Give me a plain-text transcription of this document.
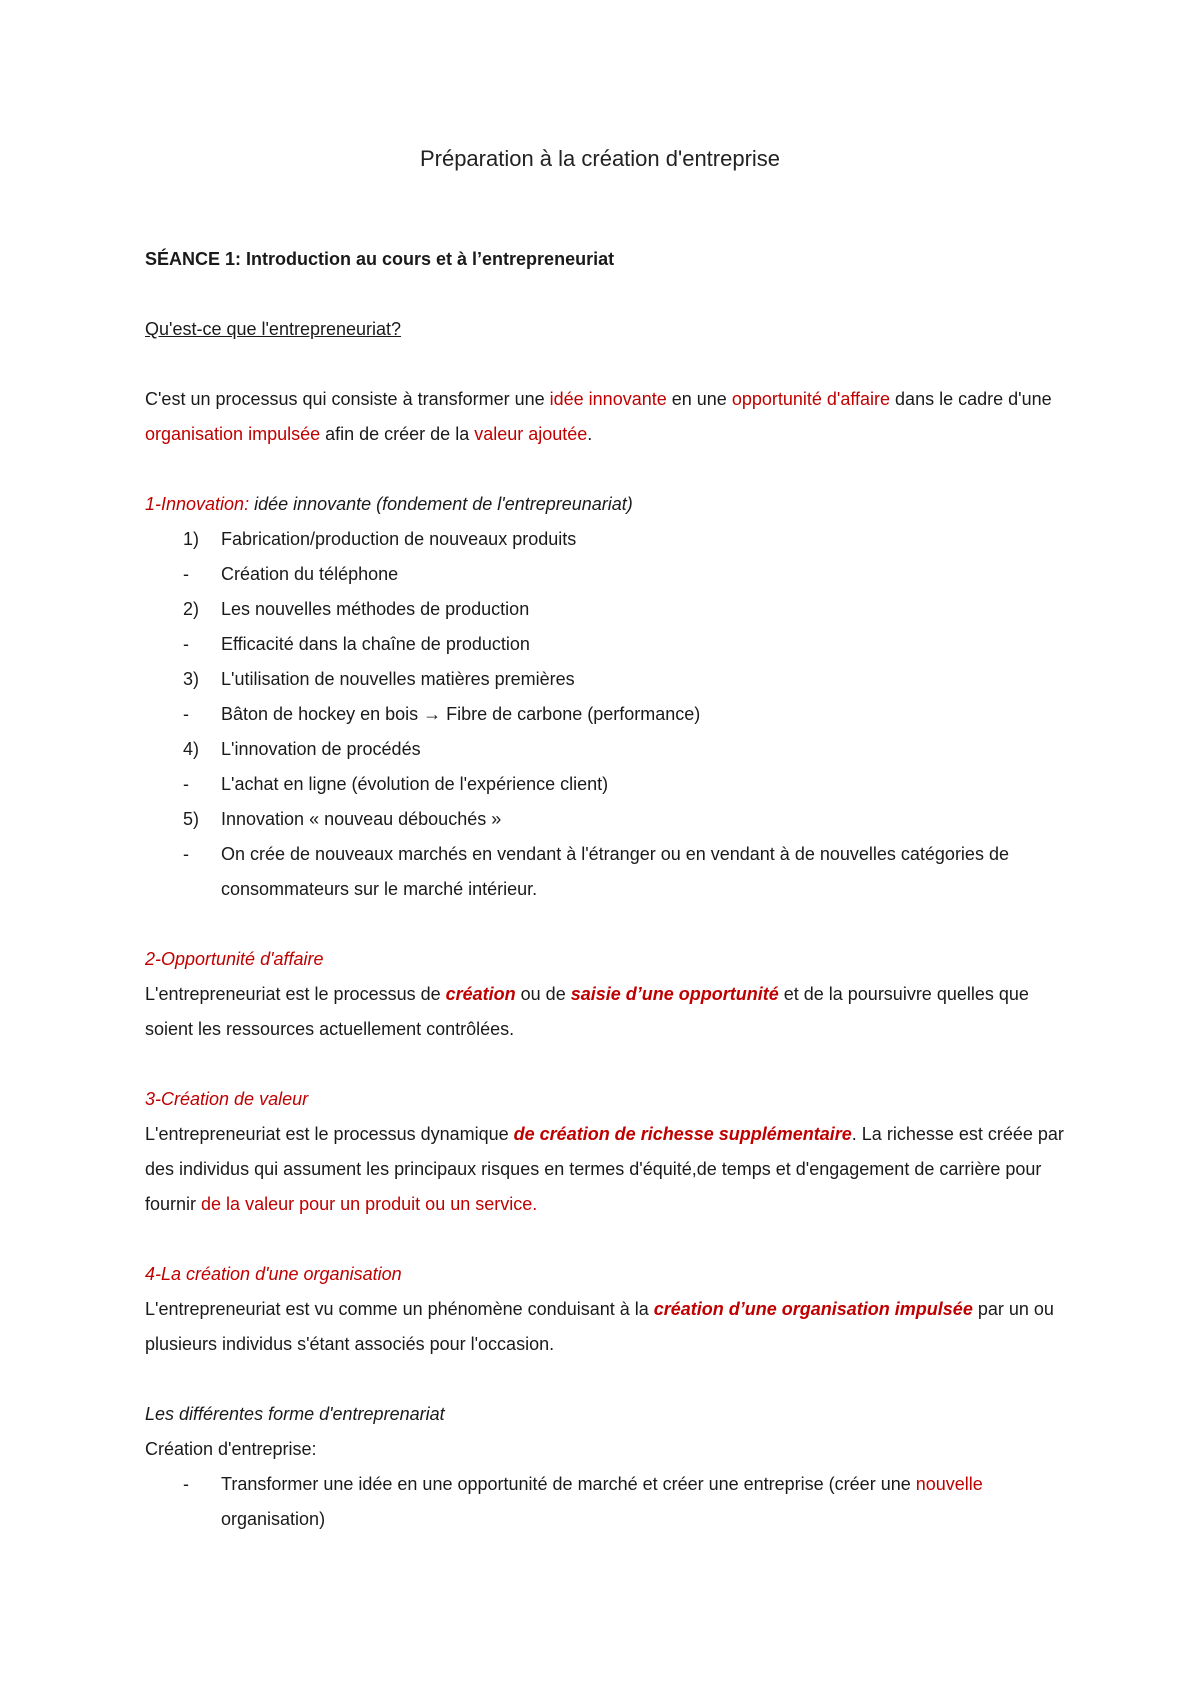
Préparation à la création d'entreprise
SÉANCE 1: Introduction au cours et à l’entrepreneuriat
Qu'est-ce que l'entrepreneuriat?
C'est un processus qui consiste à transformer une idée innovante en une opportunité d'affaire dans le cadre d'une organisation impulsée afin de créer de la valeur ajoutée.
1-Innovation: idée innovante (fondement de l'entrepreunariat)
1)	Fabrication/production de nouveaux produits
-	Création du téléphone
2)	Les nouvelles méthodes de production
-	Efficacité dans la chaîne de production
3)	L'utilisation de nouvelles matières premières
-	Bâton de hockey en bois → Fibre de carbone (performance)
4)	L'innovation de procédés
-	L'achat en ligne (évolution de l'expérience client)
5)	Innovation « nouveau débouchés »
-	On crée de nouveaux marchés en vendant à l'étranger ou en vendant à de nouvelles catégories de consommateurs sur le marché intérieur.
2-Opportunité d'affaire
L'entrepreneuriat est le processus de création ou de saisie d’une opportunité et de la poursuivre quelles que soient les ressources actuellement contrôlées.
3-Création de valeur
L'entrepreneuriat est le processus dynamique de création de richesse supplémentaire. La richesse est créée par des individus qui assument les principaux risques en termes d'équité,de temps et d'engagement de carrière pour fournir de la valeur pour un produit ou un service.
4-La création d'une organisation
L'entrepreneuriat est vu comme un phénomène conduisant à la création d’une organisation impulsée par un ou plusieurs individus s'étant associés pour l'occasion.
Les différentes forme d'entreprenariat
Création d'entreprise:
-	Transformer une idée en une opportunité de marché et créer une entreprise (créer une nouvelle organisation)
